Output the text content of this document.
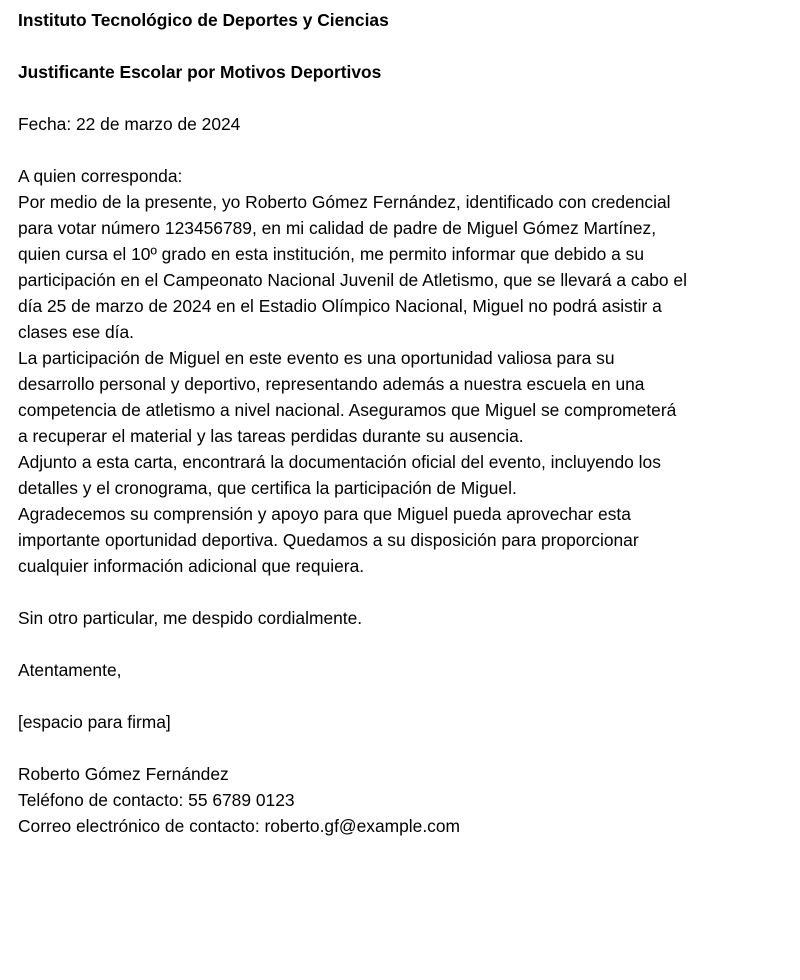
Instituto Tecnológico de Deportes y Ciencias
Justificante Escolar por Motivos Deportivos
Fecha: 22 de marzo de 2024
A quien corresponda:
Por medio de la presente, yo Roberto Gómez Fernández, identificado con credencial
para votar número 123456789, en mi calidad de padre de Miguel Gómez Martínez,
quien cursa el 10º grado en esta institución, me permito informar que debido a su
participación en el Campeonato Nacional Juvenil de Atletismo, que se llevará a cabo el
día 25 de marzo de 2024 en el Estadio Olímpico Nacional, Miguel no podrá asistir a
clases ese día.
La participación de Miguel en este evento es una oportunidad valiosa para su
desarrollo personal y deportivo, representando además a nuestra escuela en una
competencia de atletismo a nivel nacional. Aseguramos que Miguel se comprometerá
a recuperar el material y las tareas perdidas durante su ausencia.
Adjunto a esta carta, encontrará la documentación oficial del evento, incluyendo los
detalles y el cronograma, que certifica la participación de Miguel.
Agradecemos su comprensión y apoyo para que Miguel pueda aprovechar esta
importante oportunidad deportiva. Quedamos a su disposición para proporcionar
cualquier información adicional que requiera.
Sin otro particular, me despido cordialmente.
Atentamente,
[espacio para firma]
Roberto Gómez Fernández
Teléfono de contacto: 55 6789 0123
Correo electrónico de contacto: roberto.gf@example.com
